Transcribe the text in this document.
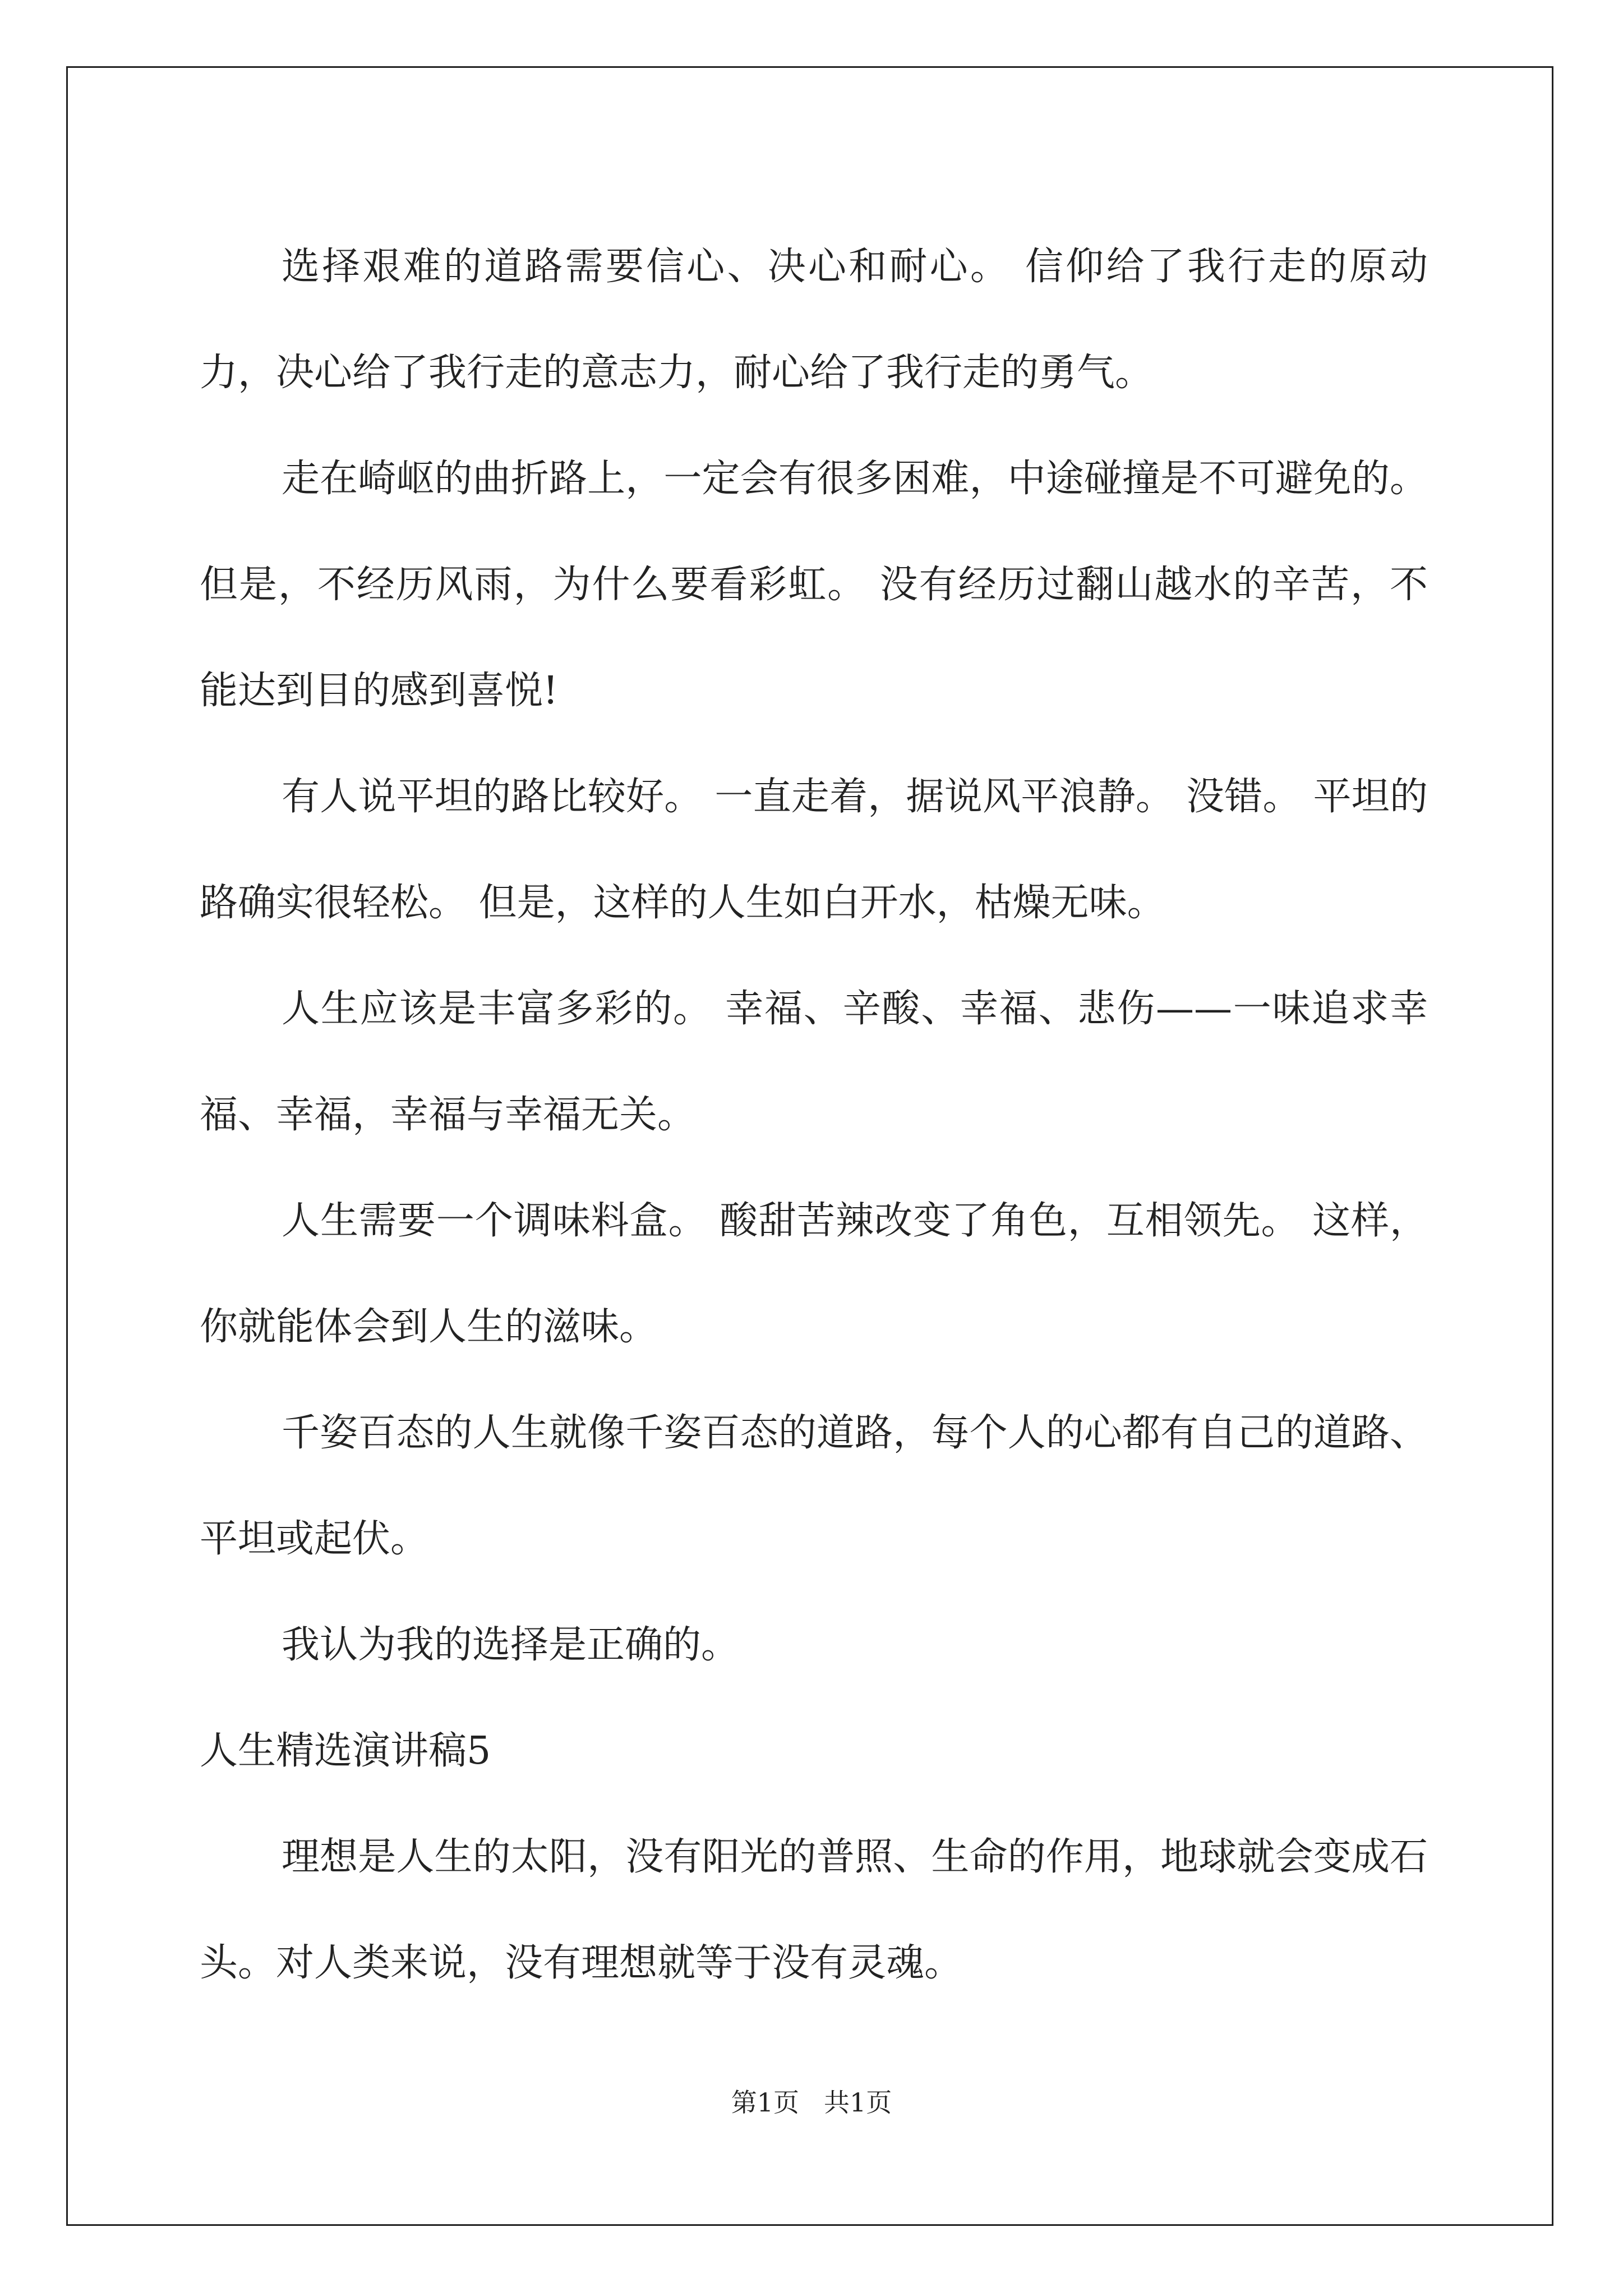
选择艰难的道路需要信心、决心和耐心。 信仰给了我行走的原动力，决心给了我行走的意志力，耐心给了我行走的勇气。

走在崎岖的曲折路上，一定会有很多困难，中途碰撞是不可避免的。 但是，不经历风雨，为什么要看彩虹。 没有经历过翻山越水的辛苦，不能达到目的感到喜悦!

有人说平坦的路比较好。 一直走着，据说风平浪静。 没错。 平坦的路确实很轻松。 但是，这样的人生如白开水，枯燥无味。

人生应该是丰富多彩的。 幸福、辛酸、幸福、悲伤——一味追求幸福、幸福，幸福与幸福无关。

人生需要一个调味料盒。 酸甜苦辣改变了角色，互相领先。 这样，你就能体会到人生的滋味。

千姿百态的人生就像千姿百态的道路，每个人的心都有自己的道路、平坦或起伏。

我认为我的选择是正确的。

人生精选演讲稿5

理想是人生的太阳，没有阳光的普照、生命的作用，地球就会变成石头。对人类来说，没有理想就等于没有灵魂。

第1页 共1页
